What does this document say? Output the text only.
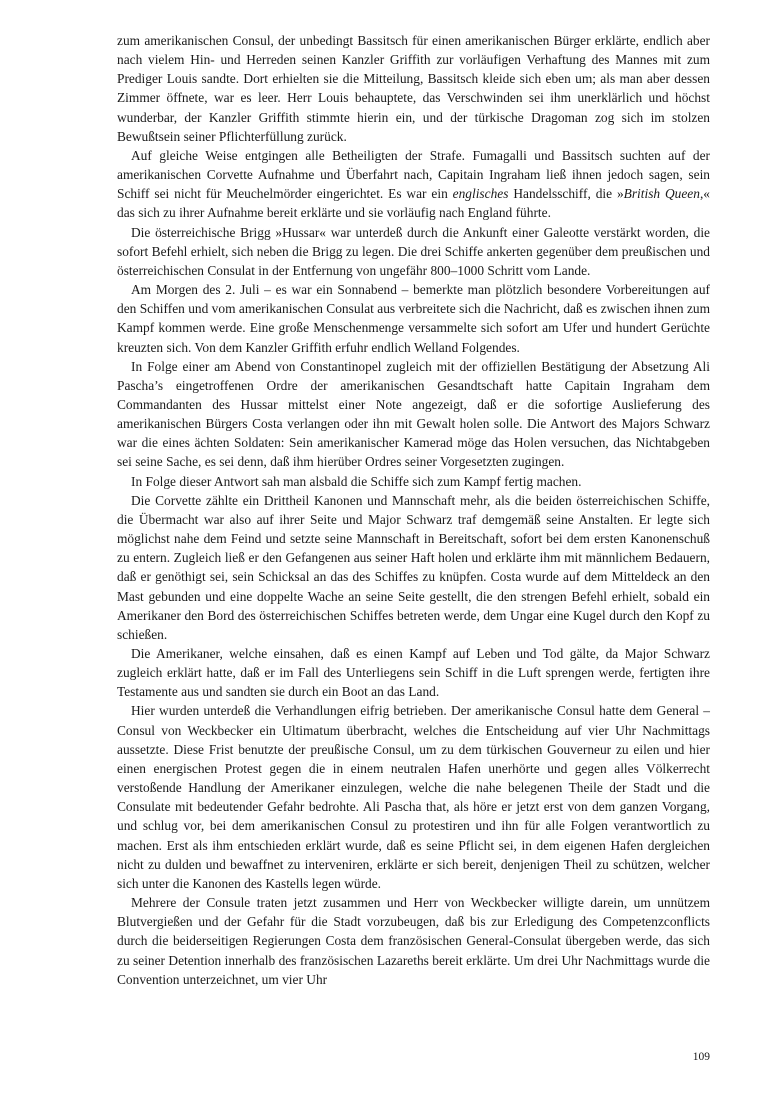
zum amerikanischen Consul, der unbedingt Bassitsch für einen amerikanischen Bürger erklärte, endlich aber nach vielem Hin- und Herreden seinen Kanzler Griffith zur vorläufigen Verhaftung des Mannes mit zum Prediger Louis sandte. Dort erhielten sie die Mitteilung, Bassitsch kleide sich eben um; als man aber dessen Zimmer öffnete, war es leer. Herr Louis behauptete, das Verschwinden sei ihm unerklärlich und höchst wunderbar, der Kanzler Griffith stimmte hierin ein, und der türkische Dragoman zog sich im stolzen Bewußtsein seiner Pflichterfüllung zurück.

Auf gleiche Weise entgingen alle Betheiligten der Strafe. Fumagalli und Bassitsch suchten auf der amerikanischen Corvette Aufnahme und Überfahrt nach, Capitain Ingraham ließ ihnen jedoch sagen, sein Schiff sei nicht für Meuchelmörder eingerichtet. Es war ein englisches Handelsschiff, die »British Queen,« das sich zu ihrer Aufnahme bereit erklärte und sie vorläufig nach England führte.

Die österreichische Brigg »Hussar« war unterdeß durch die Ankunft einer Galeotte verstärkt worden, die sofort Befehl erhielt, sich neben die Brigg zu legen. Die drei Schiffe ankerten gegenüber dem preußischen und österreichischen Consulat in der Entfernung von ungefähr 800–1000 Schritt vom Lande.

Am Morgen des 2. Juli – es war ein Sonnabend – bemerkte man plötzlich besondere Vorbereitungen auf den Schiffen und vom amerikanischen Consulat aus verbreitete sich die Nachricht, daß es zwischen ihnen zum Kampf kommen werde. Eine große Menschenmenge versammelte sich sofort am Ufer und hundert Gerüchte kreuzten sich. Von dem Kanzler Griffith erfuhr endlich Welland Folgendes.

In Folge einer am Abend von Constantinopel zugleich mit der offiziellen Bestätigung der Absetzung Ali Pascha’s eingetroffenen Ordre der amerikanischen Gesandtschaft hatte Capitain Ingraham dem Commandanten des Hussar mittelst einer Note angezeigt, daß er die sofortige Auslieferung des amerikanischen Bürgers Costa verlangen oder ihn mit Gewalt holen solle. Die Antwort des Majors Schwarz war die eines ächten Soldaten: Sein amerikanischer Kamerad möge das Holen versuchen, das Nichtabgeben sei seine Sache, es sei denn, daß ihm hierüber Ordres seiner Vorgesetzten zugingen.

In Folge dieser Antwort sah man alsbald die Schiffe sich zum Kampf fertig machen.

Die Corvette zählte ein Drittheil Kanonen und Mannschaft mehr, als die beiden österreichischen Schiffe, die Übermacht war also auf ihrer Seite und Major Schwarz traf demgemäß seine Anstalten. Er legte sich möglichst nahe dem Feind und setzte seine Mannschaft in Bereitschaft, sofort bei dem ersten Kanonenschuß zu entern. Zugleich ließ er den Gefangenen aus seiner Haft holen und erklärte ihm mit männlichem Bedauern, daß er genöthigt sei, sein Schicksal an das des Schiffes zu knüpfen. Costa wurde auf dem Mitteldeck an den Mast gebunden und eine doppelte Wache an seine Seite gestellt, die den strengen Befehl erhielt, sobald ein Amerikaner den Bord des österreichischen Schiffes betreten werde, dem Ungar eine Kugel durch den Kopf zu schießen.

Die Amerikaner, welche einsahen, daß es einen Kampf auf Leben und Tod gälte, da Major Schwarz zugleich erklärt hatte, daß er im Fall des Unterliegens sein Schiff in die Luft sprengen werde, fertigten ihre Testamente aus und sandten sie durch ein Boot an das Land.

Hier wurden unterdeß die Verhandlungen eifrig betrieben. Der amerikanische Consul hatte dem General – Consul von Weckbecker ein Ultimatum überbracht, welches die Entscheidung auf vier Uhr Nachmittags aussetzte. Diese Frist benutzte der preußische Consul, um zu dem türkischen Gouverneur zu eilen und hier einen energischen Protest gegen die in einem neutralen Hafen unerhörte und gegen alles Völkerrecht verstoßende Handlung der Amerikaner einzulegen, welche die nahe belegenen Theile der Stadt und die Consulate mit bedeutender Gefahr bedrohte. Ali Pascha that, als höre er jetzt erst von dem ganzen Vorgang, und schlug vor, bei dem amerikanischen Consul zu protestiren und ihn für alle Folgen verantwortlich zu machen. Erst als ihm entschieden erklärt wurde, daß es seine Pflicht sei, in dem eigenen Hafen dergleichen nicht zu dulden und bewaffnet zu interveniren, erklärte er sich bereit, denjenigen Theil zu schützen, welcher sich unter die Kanonen des Kastells legen würde.

Mehrere der Consule traten jetzt zusammen und Herr von Weckbecker willigte darein, um unnützem Blutvergießen und der Gefahr für die Stadt vorzubeugen, daß bis zur Erledigung des Competenzconflicts durch die beiderseitigen Regierungen Costa dem französischen General-Consulat übergeben werde, das sich zu seiner Detention innerhalb des französischen Lazareths bereit erklärte. Um drei Uhr Nachmittags wurde die Convention unterzeichnet, um vier Uhr

109
